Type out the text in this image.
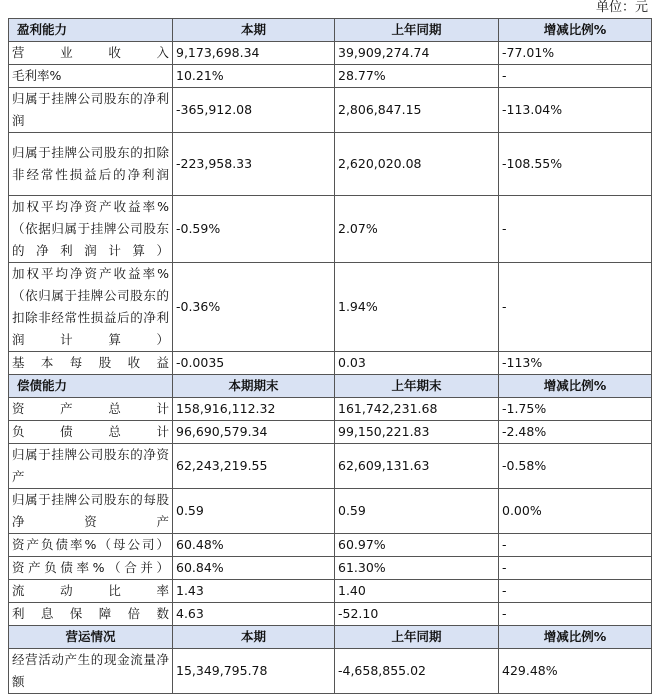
单位：元
盈利能力	本期	上年同期	增减比例%
营业收入	9,173,698.34	39,909,274.74	-77.01%
毛利率%	10.21%	28.77%	-
归属于挂牌公司股东的净利润	-365,912.08	2,806,847.15	-113.04%
归属于挂牌公司股东的扣除非经常性损益后的净利润	-223,958.33	2,620,020.08	-108.55%
加权平均净资产收益率%（依据归属于挂牌公司股东的净利润计算）	-0.59%	2.07%	-
加权平均净资产收益率%（依归属于挂牌公司股东的扣除非经常性损益后的净利润计算）	-0.36%	1.94%	-
基本每股收益	-0.0035	0.03	-113%
偿债能力	本期期末	上年期末	增减比例%
资产总计	158,916,112.32	161,742,231.68	-1.75%
负债总计	96,690,579.34	99,150,221.83	-2.48%
归属于挂牌公司股东的净资产	62,243,219.55	62,609,131.63	-0.58%
归属于挂牌公司股东的每股净资产	0.59	0.59	0.00%
资产负债率%（母公司）	60.48%	60.97%	-
资产负债率%（合并）	60.84%	61.30%	-
流动比率	1.43	1.40	-
利息保障倍数	4.63	-52.10	-
营运情况	本期	上年同期	增减比例%
经营活动产生的现金流量净额	15,349,795.78	-4,658,855.02	429.48%
